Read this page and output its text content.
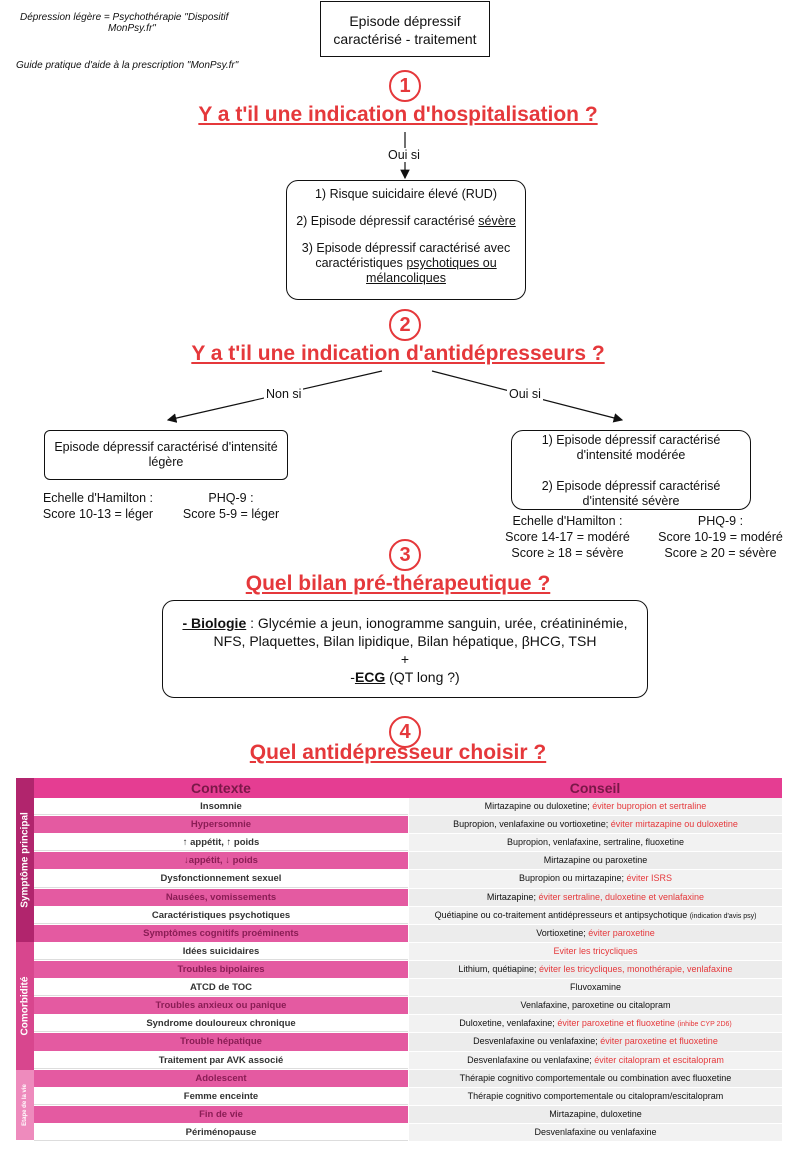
Dépression légère = Psychothérapie "Dispositif
MonPsy.fr"
Guide pratique d'aide à la prescription "MonPsy.fr"

Episode dépressif

caractérisé - traitement

1
Y a t'il une indication d'hospitalisation ?
Oui si

1) Risque suicidaire élevé (RUD)

2) Episode dépressif caractérisé sévère

3) Episode dépressif caractérisé avec

caractéristiques psychotiques ou

mélancoliques

2
Y a t'il une indication d'antidépresseurs ?
Non si	Oui si

Episode dépressif caractérisé d'intensité

légère

1) Episode dépressif caractérisé

d'intensité modérée

2) Episode dépressif caractérisé

d'intensité sévère

Echelle d'Hamilton :
Score 10-13 = léger
PHQ-9 :
Score 5-9 = léger	Echelle d'Hamilton :
Score 14-17 = modéré
Score ≥ 18 = sévère
PHQ-9 :
Score 10-19 = modéré
Score ≥ 20 = sévère
3
Quel bilan pré-thérapeutique ?

- Biologie : Glycémie a jeun, ionogramme sanguin, urée, créatininémie,

NFS, Plaquettes, Bilan lipidique, Bilan hépatique, βHCG, TSH

+

-ECG (QT long ?)

4
Quel antidépresseur choisir ?
Contexte	Conseil
Symptôme principal
Comorbidité
Etape de la vie
Insomnie	Mirtazapine ou duloxetine; éviter bupropion et sertraline
Hypersomnie	Bupropion, venlafaxine ou vortioxetine; éviter mirtazapine ou duloxetine
↑ appétit, ↑ poids	Bupropion, venlafaxine, sertraline, fluoxetine
↓appétit, ↓ poids	Mirtazapine ou paroxetine
Dysfonctionnement sexuel	Bupropion ou mirtazapine; éviter ISRS
Nausées, vomissements	Mirtazapine; éviter sertraline, duloxetine et venlafaxine
Caractéristiques psychotiques	Quétiapine ou co-traitement antidépresseurs et antipsychotique (indication d'avis psy)
Symptômes cognitifs proéminents	Vortioxetine; éviter paroxetine
Idées suicidaires	Eviter les tricycliques
Troubles bipolaires	Lithium, quétiapine; éviter les tricycliques, monothérapie, venlafaxine
ATCD de TOC	Fluvoxamine
Troubles anxieux ou panique	Venlafaxine, paroxetine ou citalopram
Syndrome douloureux chronique	Duloxetine, venlafaxine; éviter paroxetine et fluoxetine (inhibe CYP 2D6)
Trouble hépatique	Desvenlafaxine ou venlafaxine; éviter paroxetine et fluoxetine
Traitement par AVK associé	Desvenlafaxine ou venlafaxine; éviter citalopram et escitalopram
Adolescent	Thérapie cognitivo comportementale ou combination avec fluoxetine
Femme enceinte	Thérapie cognitivo comportementale ou citalopram/escitalopram
Fin de vie	Mirtazapine, duloxetine
Périménopause	Desvenlafaxine ou venlafaxine
